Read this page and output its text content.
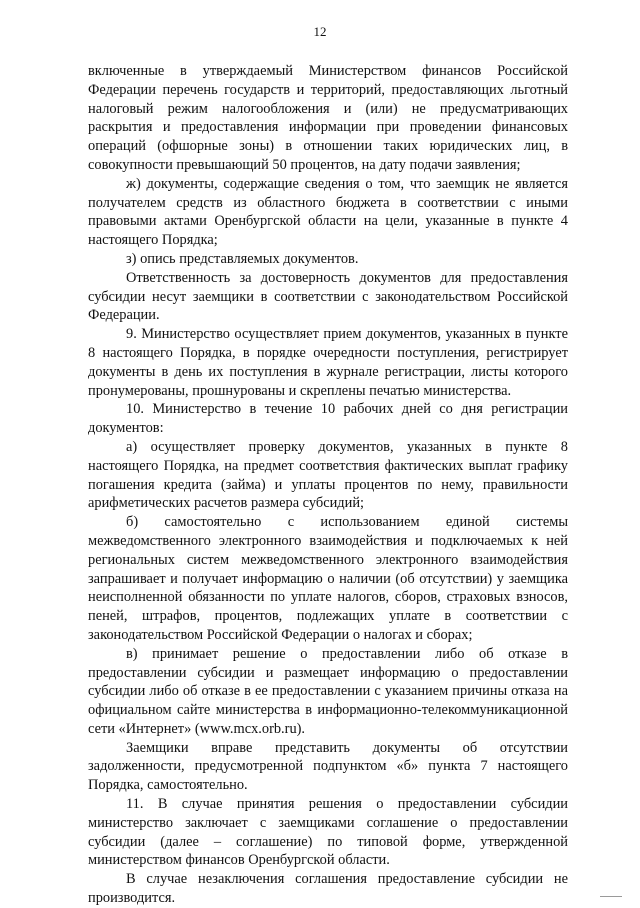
12

включенные в утверждаемый Министерством финансов Российской Федерации перечень государств и территорий, предоставляющих льготный налоговый режим налогообложения и (или) не предусматривающих раскрытия и предоставления информации при проведении финансовых операций (офшорные зоны) в отношении таких юридических лиц, в совокупности превышающий 50 процентов, на дату подачи заявления;

ж) документы, содержащие сведения о том, что заемщик не является получателем средств из областного бюджета в соответствии с иными правовыми актами Оренбургской области на цели, указанные в пункте 4 настоящего Порядка;

з) опись представляемых документов.

Ответственность за достоверность документов для предоставления субсидии несут заемщики в соответствии с законодательством Российской Федерации.

9. Министерство осуществляет прием документов, указанных в пункте 8 настоящего Порядка, в порядке очередности поступления, регистрирует документы в день их поступления в журнале регистрации, листы которого пронумерованы, прошнурованы и скреплены печатью министерства.

10. Министерство в течение 10 рабочих дней со дня регистрации документов:

а) осуществляет проверку документов, указанных в пункте 8 настоящего Порядка, на предмет соответствия фактических выплат графику погашения кредита (займа) и уплаты процентов по нему, правильности арифметических расчетов размера субсидий;

б) самостоятельно с использованием единой системы межведомственного электронного взаимодействия и подключаемых к ней региональных систем межведомственного электронного взаимодействия запрашивает и получает информацию о наличии (об отсутствии) у заемщика неисполненной обязанности по уплате налогов, сборов, страховых взносов, пеней, штрафов, процентов, подлежащих уплате в соответствии с законодательством Российской Федерации о налогах и сборах;

в) принимает решение о предоставлении либо об отказе в предоставлении субсидии и размещает информацию о предоставлении субсидии либо об отказе в ее предоставлении с указанием причины отказа на официальном сайте министерства в информационно-телекоммуникационной сети «Интернет» (www.mcx.orb.ru).

Заемщики вправе представить документы об отсутствии задолженности, предусмотренной подпунктом «б» пункта 7 настоящего Порядка, самостоятельно.

11. В случае принятия решения о предоставлении субсидии министерство заключает с заемщиками соглашение о предоставлении субсидии (далее – соглашение) по типовой форме, утвержденной министерством финансов Оренбургской области.

В случае незаключения соглашения предоставление субсидии не производится.
